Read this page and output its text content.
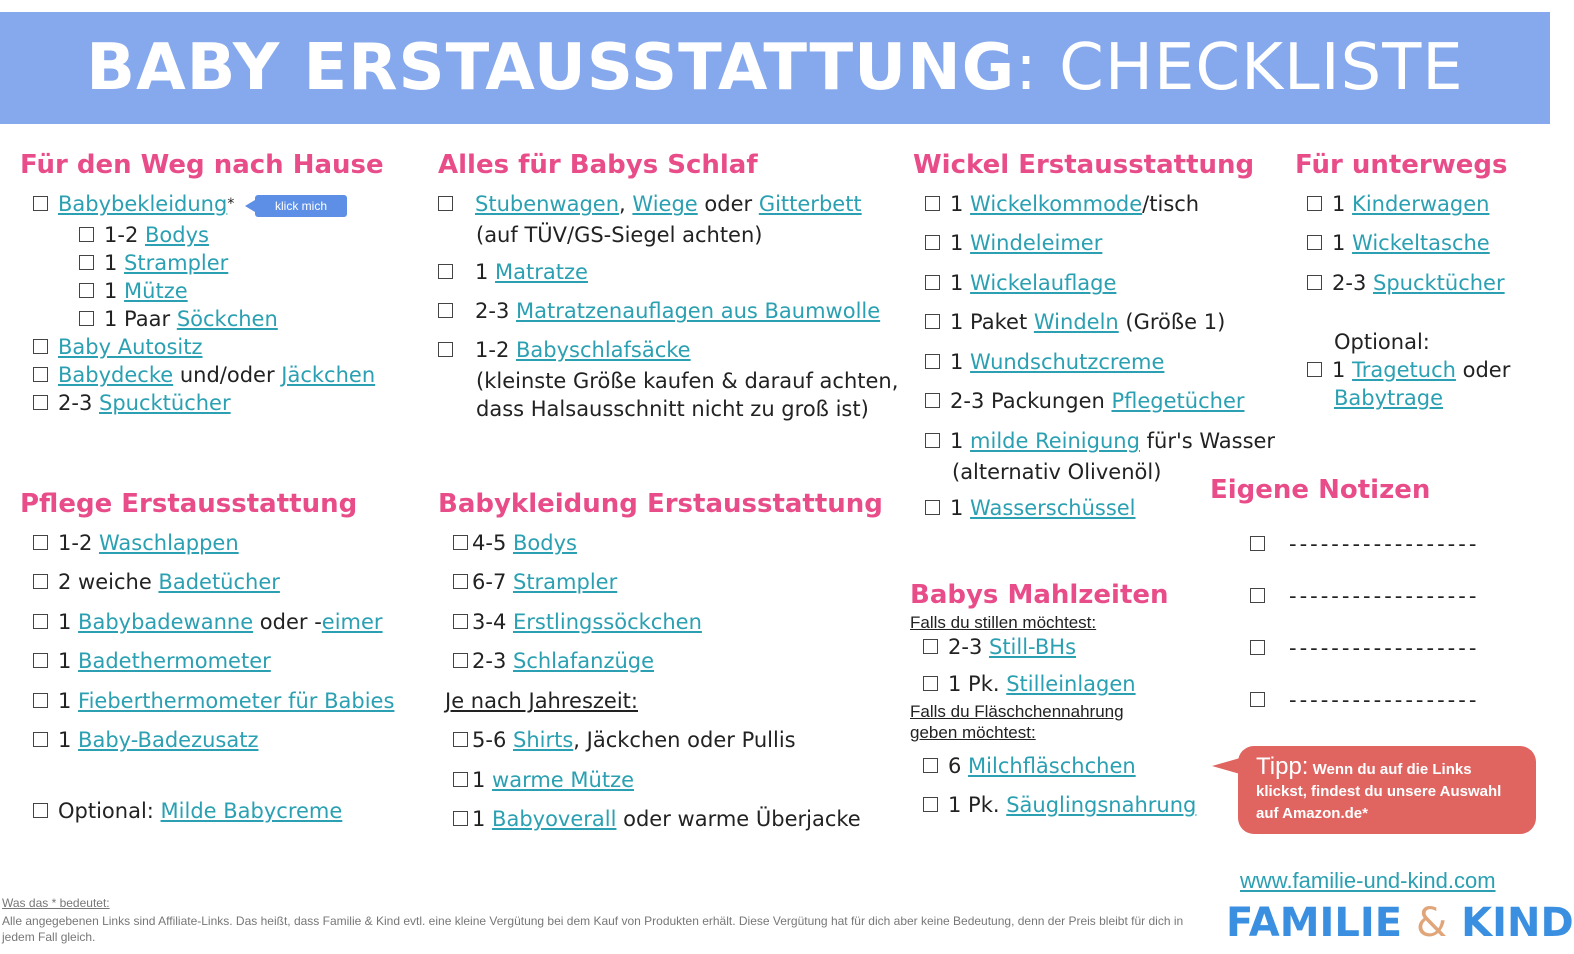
BABY ERSTAUSSTATTUNG: CHECKLISTE
Für den Weg nach Hause
Babybekleidung*	klick mich
1-2 Bodys
1 Strampler
1 Mütze
1 Paar Söckchen
Baby Autositz
Babydecke und/oder Jäckchen
2-3 Spucktücher
Alles für Babys Schlaf
Stubenwagen, Wiege oder Gitterbett
(auf TÜV/GS-Siegel achten)
1 Matratze
2-3 Matratzenauflagen aus Baumwolle
1-2 Babyschlafsäcke
(kleinste Größe kaufen & darauf achten,
dass Halsausschnitt nicht zu groß ist)
Wickel Erstausstattung
1 Wickelkommode/tisch
1 Windeleimer
1 Wickelauflage
1 Paket Windeln (Größe 1)
1 Wundschutzcreme
2-3 Packungen Pflegetücher
1 milde Reinigung für's Wasser
(alternativ Olivenöl)
1 Wasserschüssel
Für unterwegs
1 Kinderwagen
1 Wickeltasche
2-3 Spucktücher
Optional:
1 Tragetuch oder
Babytrage
Pflege Erstausstattung
1-2 Waschlappen
2 weiche Badetücher
1 Babybadewanne oder -eimer
1 Badethermometer
1 Fieberthermometer für Babies
1 Baby-Badezusatz
Optional: Milde Babycreme
Babykleidung Erstausstattung
4-5 Bodys
6-7 Strampler
3-4 Erstlingssöckchen
2-3 Schlafanzüge
Je nach Jahreszeit:
5-6 Shirts, Jäckchen oder Pullis
1 warme Mütze
1 Babyoverall oder warme Überjacke
Eigene Notizen
------------------
------------------
------------------
------------------
Babys Mahlzeiten
Falls du stillen möchtest:
2-3 Still-BHs
1 Pk. Stilleinlagen
Falls du Fläschchennahrung
geben möchtest:
6 Milchfläschchen
1 Pk. Säuglingsnahrung
Tipp: Wenn du auf die Links klickst, findest du unsere Auswahl auf Amazon.de*
Was das * bedeutet:
Alle angegebenen Links sind Affiliate-Links. Das heißt, dass Familie & Kind evtl. eine kleine Vergütung bei dem Kauf von Produkten erhält. Diese Vergütung hat für dich aber keine Bedeutung, denn der Preis bleibt für dich in jedem Fall gleich.
www.familie-und-kind.com
FAMILIE & KIND
